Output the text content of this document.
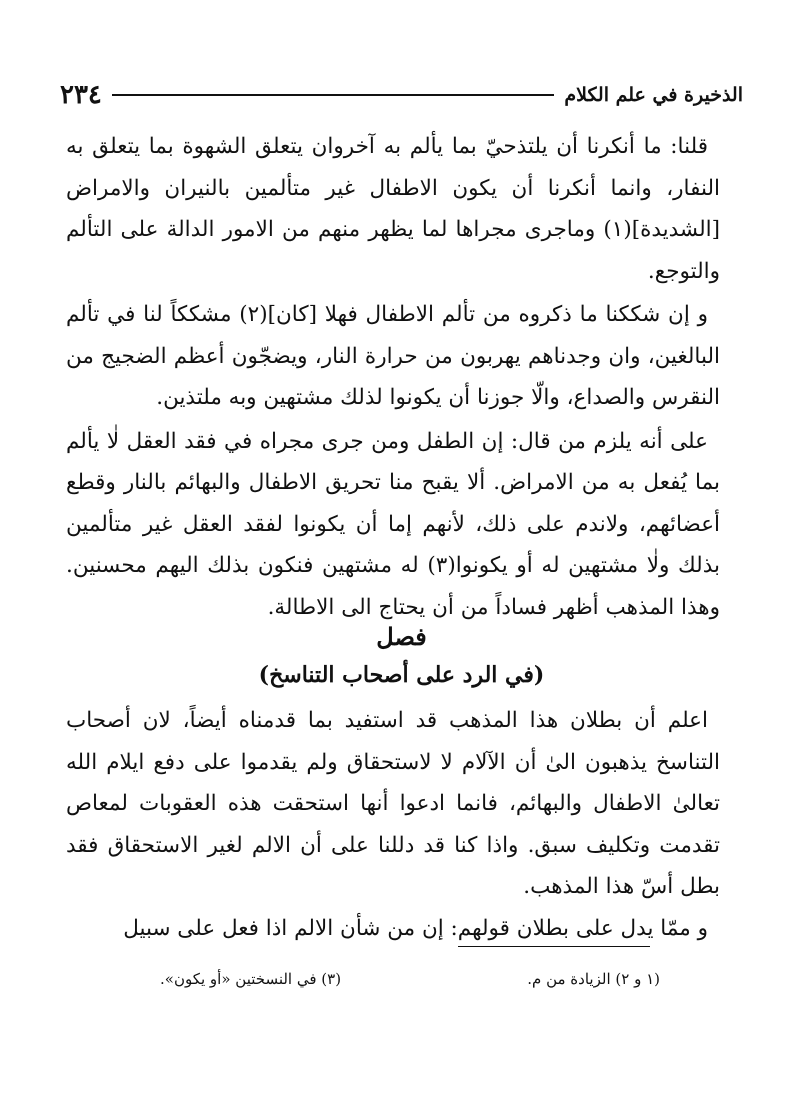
٢٣٤	الذخيرة في علم الكلام

قلنا: ما أنكرنا أن يلتذحيّ بما يألم به آخروان يتعلق الشهوة بما يتعلق به النفار، وانما أنكرنا أن يكون الاطفال غير متألمين بالنيران والامراض [الشديدة](١) وماجرى مجراها لما يظهر منهم من الامور الدالة على التألم والتوجع.

و إن شككنا ما ذكروه من تألم الاطفال فهلا [كان](٢) مشككاً لنا في تألم البالغين، وان وجدناهم يهربون من حرارة النار، ويضجّون أعظم الضجيج من النقرس والصداع، والّا جوزنا أن يكونوا لذلك مشتهين وبه ملتذين.

على أنه يلزم من قال: إن الطفل ومن جرى مجراه في فقد العقل لٰا يألم بما يُفعل به من الامراض. ألا يقبح منا تحريق الاطفال والبهائم بالنار وقطع أعضائهم، ولاندم على ذلك، لأنهم إما أن يكونوا لفقد العقل غير متألمين بذلك ولٰا مشتهين له أو يكونوا(٣) له مشتهين فنكون بذلك اليهم محسنين. وهذا المذهب أظهر فساداً من أن يحتاج الى الاطالة.

فصل
(في الرد على أصحاب التناسخ)

اعلم أن بطلان هذا المذهب قد استفيد بما قدمناه أيضاً، لان أصحاب التناسخ يذهبون الىٰ أن الآلام لا لاستحقاق ولم يقدموا على دفع ايلام الله تعالىٰ الاطفال والبهائم، فانما ادعوا أنها استحقت هذه العقوبات لمعاص تقدمت وتكليف سبق. واذا كنا قد دللنا على أن الالم لغير الاستحقاق فقد بطل أسّ هذا المذهب.

و ممّا يدل على بطلان قولهم: إن من شأن الالم اذا فعل على سبيل

(١ و ٢) الزيادة من م.
(٣) في النسختين «أو يكون».
